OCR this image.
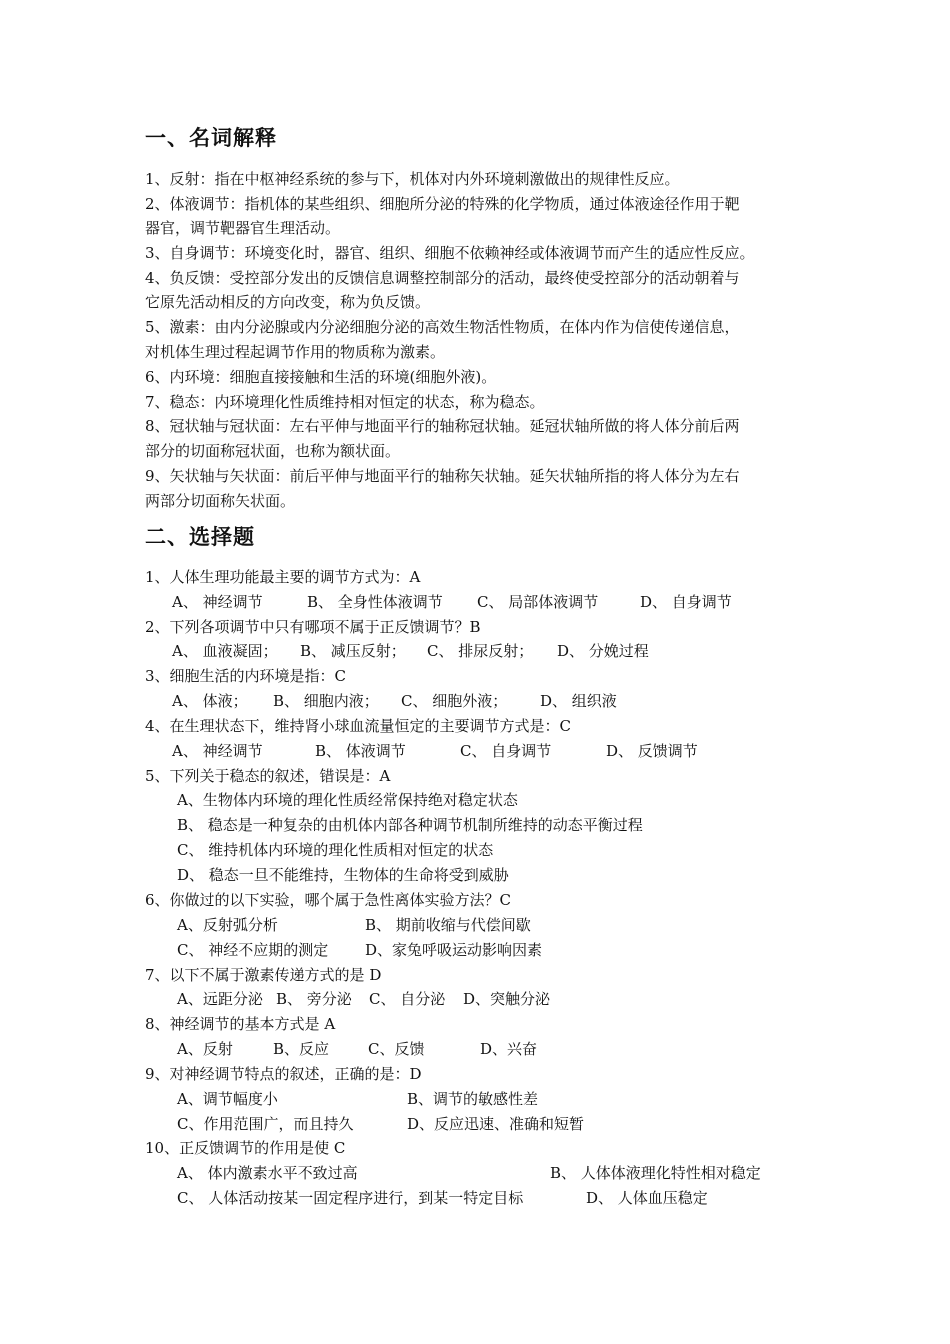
一、名词解释
1、反射：指在中枢神经系统的参与下，机体对内外环境刺激做出的规律性反应。
2、体液调节：指机体的某些组织、细胞所分泌的特殊的化学物质，通过体液途径作用于靶
器官，调节靶器官生理活动。
3、自身调节：环境变化时，器官、组织、细胞不依赖神经或体液调节而产生的适应性反应。
4、负反馈：受控部分发出的反馈信息调整控制部分的活动，最终使受控部分的活动朝着与
它原先活动相反的方向改变，称为负反馈。
5、激素：由内分泌腺或内分泌细胞分泌的高效生物活性物质，在体内作为信使传递信息，
对机体生理过程起调节作用的物质称为激素。
6、内环境：细胞直接接触和生活的环境(细胞外液)。
7、稳态：内环境理化性质维持相对恒定的状态，称为稳态。
8、冠状轴与冠状面：左右平伸与地面平行的轴称冠状轴。延冠状轴所做的将人体分前后两
部分的切面称冠状面，也称为额状面。
9、矢状轴与矢状面：前后平伸与地面平行的轴称矢状轴。延矢状轴所指的将人体分为左右
两部分切面称矢状面。
二、选择题
1、人体生理功能最主要的调节方式为：A
A、 神经调节	B、 全身性体液调节 C、 局部体液调节	D、 自身调节
2、下列各项调节中只有哪项不属于正反馈调节？B
A、 血液凝固； B、 减压反射； C、 排尿反射； D、 分娩过程
3、细胞生活的内环境是指：C
A、 体液； B、 细胞内液； C、 细胞外液； D、 组织液
4、在生理状态下，维持肾小球血流量恒定的主要调节方式是：C
A、 神经调节	B、 体液调节	C、 自身调节	D、 反馈调节
5、下列关于稳态的叙述，错误是：A
A、生物体内环境的理化性质经常保持绝对稳定状态
B、 稳态是一种复杂的由机体内部各种调节机制所维持的动态平衡过程
C、 维持机体内环境的理化性质相对恒定的状态
D、 稳态一旦不能维持，生物体的生命将受到威胁
6、你做过的以下实验，哪个属于急性离体实验方法？C
A、反射弧分析	B、 期前收缩与代偿间歇
C、 神经不应期的测定 D、家兔呼吸运动影响因素
7、以下不属于激素传递方式的是 D
A、远距分泌 B、 旁分泌 C、 自分泌 D、突触分泌
8、神经调节的基本方式是 A
A、反射	B、反应	C、反馈	D、兴奋
9、对神经调节特点的叙述，正确的是：D
A、调节幅度小	B、调节的敏感性差
C、作用范围广，而且持久	D、反应迅速、准确和短暂
10、正反馈调节的作用是使 C
A、 体内激素水平不致过高	B、 人体体液理化特性相对稳定
C、 人体活动按某一固定程序进行，到某一特定目标	D、 人体血压稳定
